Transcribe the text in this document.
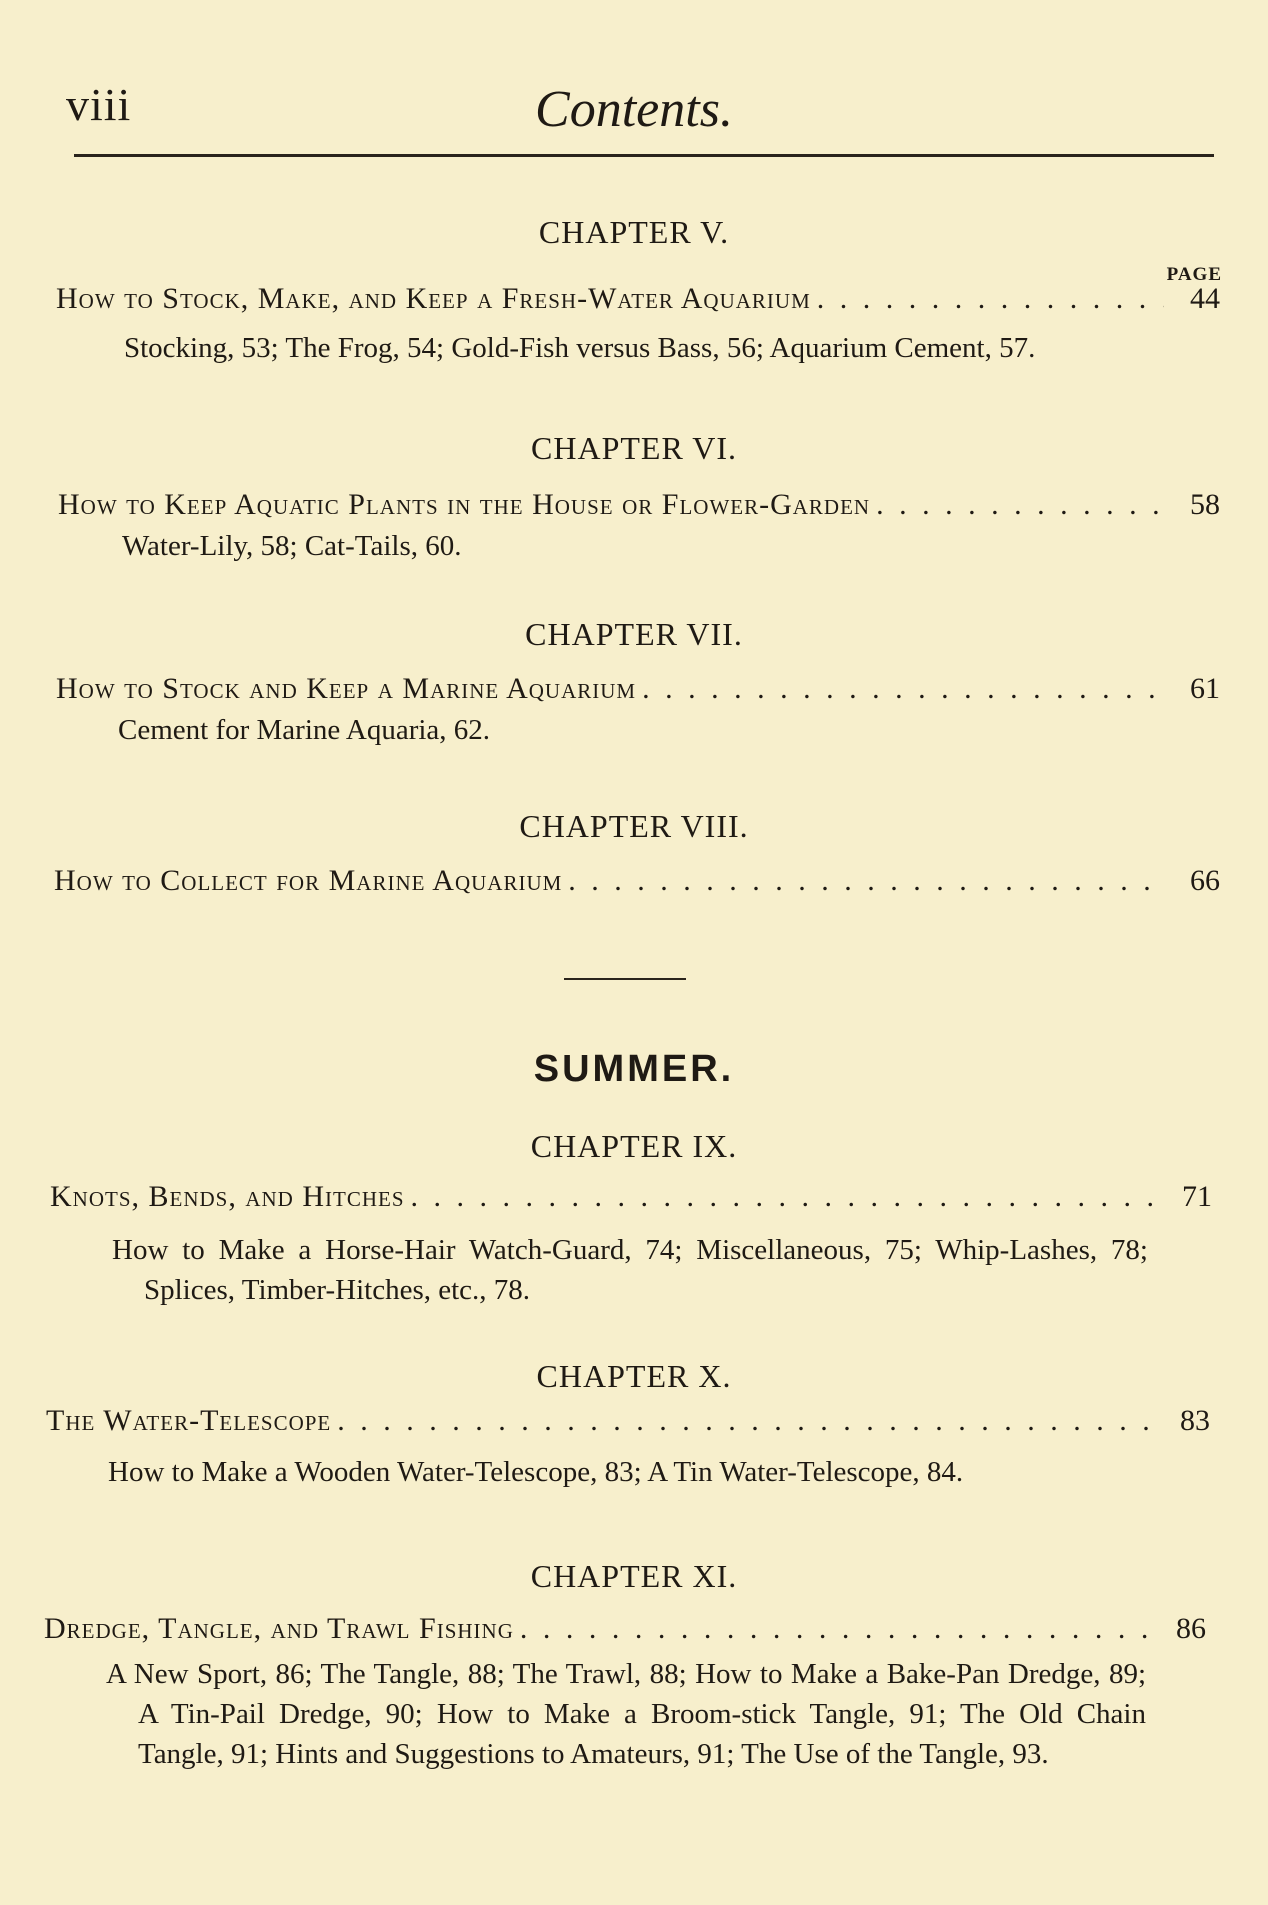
viii	Contents.
CHAPTER V.
PAGE
How to Stock, Make, and Keep a Fresh-Water Aquarium . . .	44
Stocking, 53; The Frog, 54; Gold-Fish versus Bass, 56; Aquarium Cement, 57.
CHAPTER VI.
How to Keep Aquatic Plants in the House or Flower-Garden . . .	58
Water-Lily, 58; Cat-Tails, 60.
CHAPTER VII.
How to Stock and Keep a Marine Aquarium . . .	61
Cement for Marine Aquaria, 62.
CHAPTER VIII.
How to Collect for Marine Aquarium . . .	66
SUMMER.
CHAPTER IX.
Knots, Bends, and Hitches . . .	71
How to Make a Horse-Hair Watch-Guard, 74; Miscellaneous, 75; Whip-Lashes, 78; Splices, Timber-Hitches, etc., 78.
CHAPTER X.
The Water-Telescope . . .	83
How to Make a Wooden Water-Telescope, 83; A Tin Water-Telescope, 84.
CHAPTER XI.
Dredge, Tangle, and Trawl Fishing . . .	86
A New Sport, 86; The Tangle, 88; The Trawl, 88; How to Make a Bake-Pan Dredge, 89; A Tin-Pail Dredge, 90; How to Make a Broom-stick Tangle, 91; The Old Chain Tangle, 91; Hints and Suggestions to Amateurs, 91; The Use of the Tangle, 93.
